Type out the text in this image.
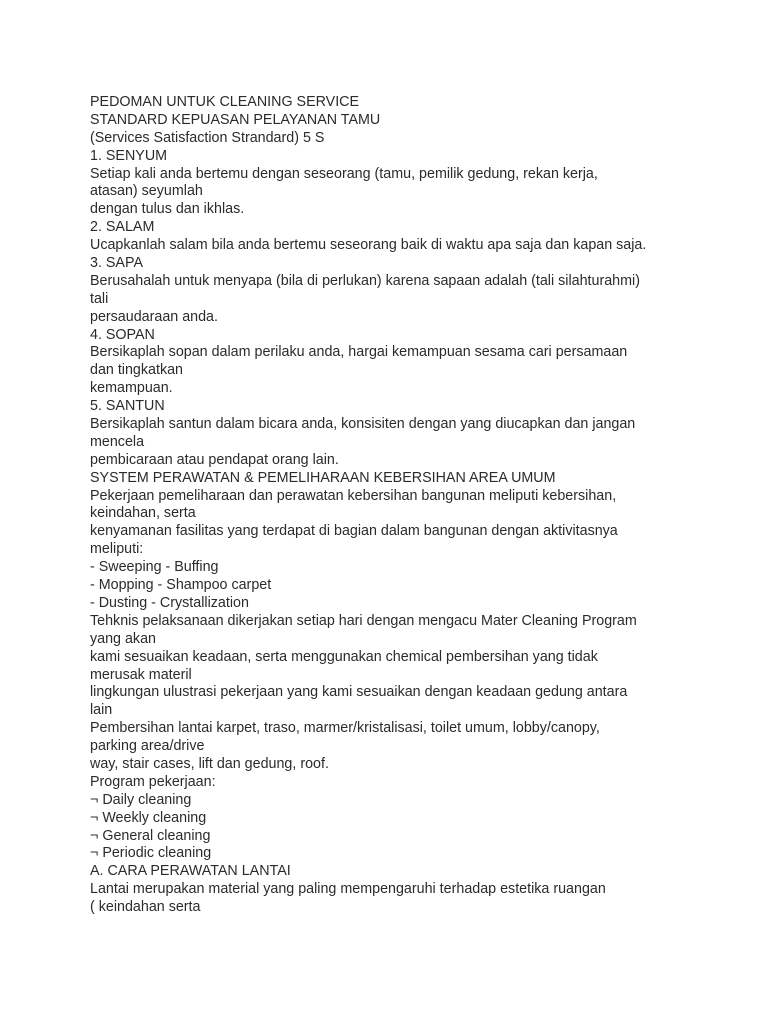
PEDOMAN UNTUK CLEANING SERVICE
STANDARD KEPUASAN PELAYANAN TAMU
(Services Satisfaction Strandard) 5 S
1. SENYUM
Setiap kali anda bertemu dengan seseorang (tamu, pemilik gedung, rekan kerja,
atasan) seyumlah
dengan tulus dan ikhlas.
2. SALAM
Ucapkanlah salam bila anda bertemu seseorang baik di waktu apa saja dan kapan saja.
3. SAPA
Berusahalah untuk menyapa (bila di perlukan) karena sapaan adalah (tali silahturahmi)
tali
persaudaraan anda.
4. SOPAN
Bersikaplah sopan dalam perilaku anda, hargai kemampuan sesama cari persamaan
dan tingkatkan
kemampuan.
5. SANTUN
Bersikaplah santun dalam bicara anda, konsisiten dengan yang diucapkan dan jangan
mencela
pembicaraan atau pendapat orang lain.
SYSTEM PERAWATAN & PEMELIHARAAN KEBERSIHAN AREA UMUM
Pekerjaan pemeliharaan dan perawatan kebersihan bangunan meliputi kebersihan,
keindahan, serta
kenyamanan fasilitas yang terdapat di bagian dalam bangunan dengan aktivitasnya
meliputi:
- Sweeping - Buffing
- Mopping - Shampoo carpet
- Dusting - Crystallization
Tehknis pelaksanaan dikerjakan setiap hari dengan mengacu Mater Cleaning Program
yang akan
kami sesuaikan keadaan, serta menggunakan chemical pembersihan yang tidak
merusak materil
lingkungan ulustrasi pekerjaan yang kami sesuaikan dengan keadaan gedung antara
lain
Pembersihan lantai karpet, traso, marmer/kristalisasi, toilet umum, lobby/canopy,
parking area/drive
way, stair cases, lift dan gedung, roof.
Program pekerjaan:
¬ Daily cleaning
¬ Weekly cleaning
¬ General cleaning
¬ Periodic cleaning
A. CARA PERAWATAN LANTAI
Lantai merupakan material yang paling mempengaruhi terhadap estetika ruangan
( keindahan serta
